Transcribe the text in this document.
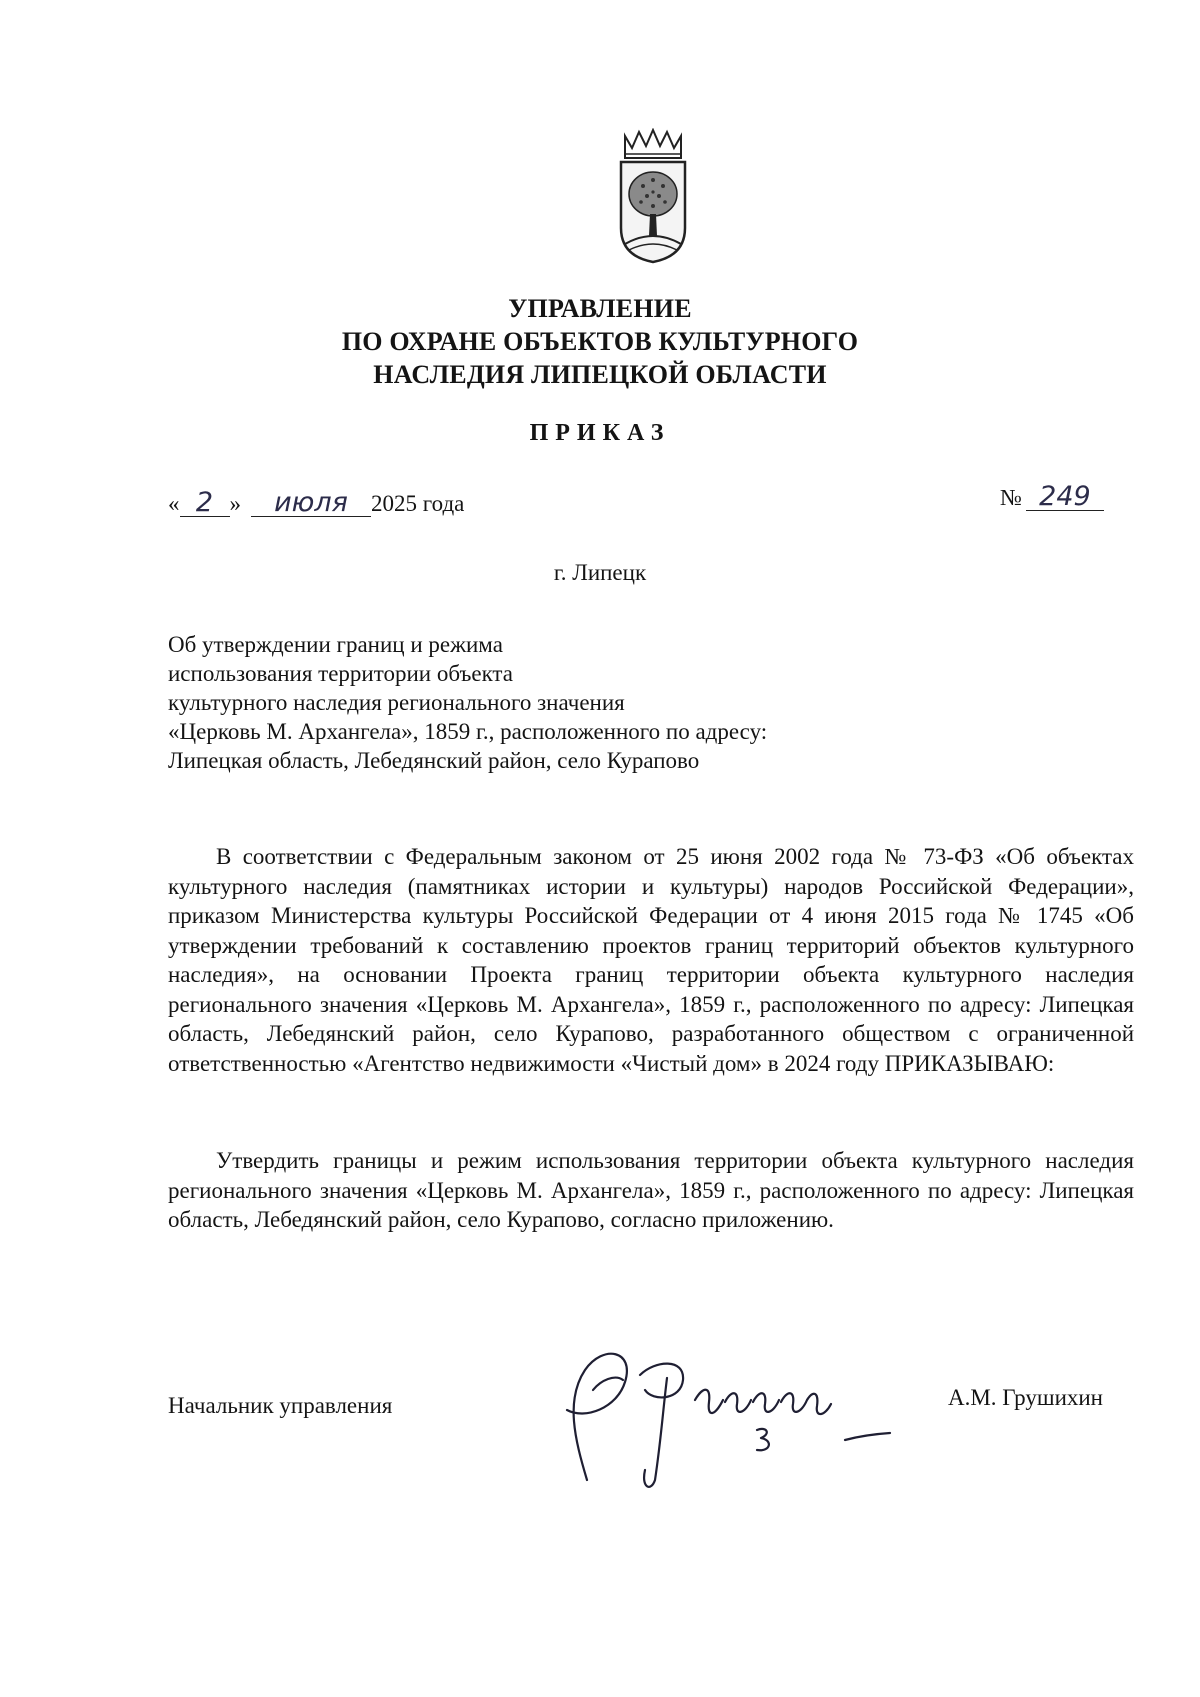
УПРАВЛЕНИЕ
ПО ОХРАНЕ ОБЪЕКТОВ КУЛЬТУРНОГО
НАСЛЕДИЯ ЛИПЕЦКОЙ ОБЛАСТИ
ПРИКАЗ
« 2 » июля 2025 года	№ 249
г. Липецк
Об утверждении границ и режима
использования территории объекта
культурного наследия регионального значения
«Церковь М. Архангела», 1859 г., расположенного по адресу:
Липецкая область, Лебедянский район, село Курапово
В соответствии с Федеральным законом от 25 июня 2002 года № 73-ФЗ «Об объектах культурного наследия (памятниках истории и культуры) народов Российской Федерации», приказом Министерства культуры Российской Федерации от 4 июня 2015 года № 1745 «Об утверждении требований к составлению проектов границ территорий объектов культурного наследия», на основании Проекта границ территории объекта культурного наследия регионального значения «Церковь М. Архангела», 1859 г., расположенного по адресу: Липецкая область, Лебедянский район, село Курапово, разработанного обществом с ограниченной ответственностью «Агентство недвижимости «Чистый дом» в 2024 году ПРИКАЗЫВАЮ:
Утвердить границы и режим использования территории объекта культурного наследия регионального значения «Церковь М. Архангела», 1859 г., расположенного по адресу: Липецкая область, Лебедянский район, село Курапово, согласно приложению.
Начальник управления	А.М. Грушихин
